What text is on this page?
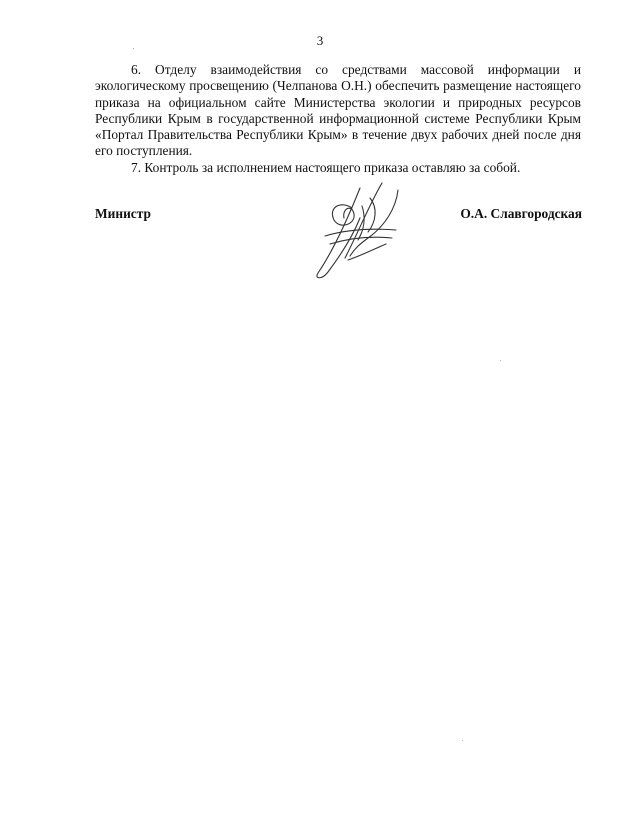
3

6. Отделу взаимодействия со средствами массовой информации и экологическому просвещению (Челпанова О.Н.) обеспечить размещение настоящего приказа на официальном сайте Министерства экологии и природных ресурсов Республики Крым в государственной информационной системе Республики Крым «Портал Правительства Республики Крым» в течение двух рабочих дней после дня его поступления.

7. Контроль за исполнением настоящего приказа оставляю за собой.

Министр	О.А. Славгородская
